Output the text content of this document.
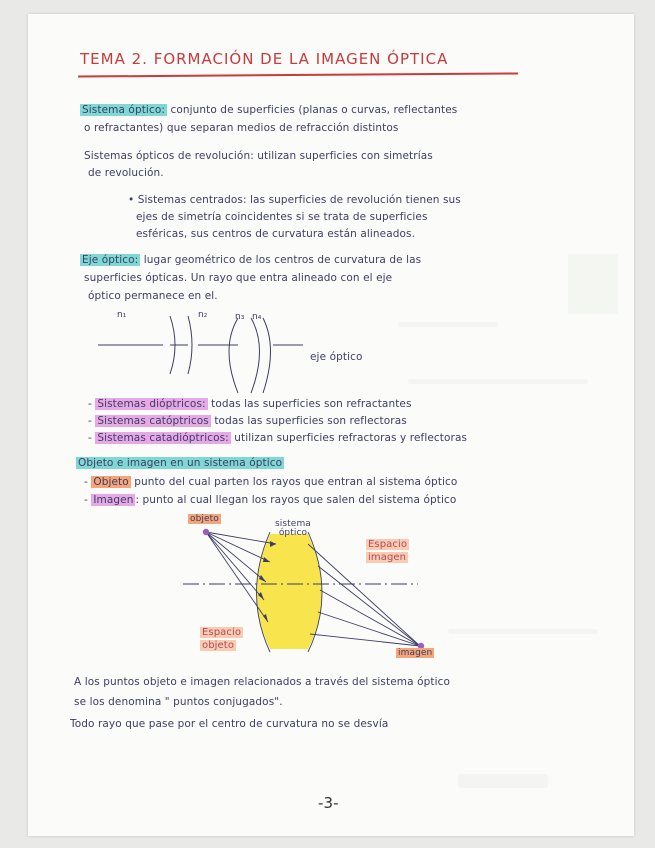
TEMA 2. FORMACIÓN DE LA IMAGEN ÓPTICA
Sistema óptico: conjunto de superficies (planas o curvas, reflectantes
o refractantes) que separan medios de refracción distintos
Sistemas ópticos de revolución: utilizan superficies con simetrías
de revolución.
• Sistemas centrados: las superficies de revolución tienen sus
ejes de simetría coincidentes si se trata de superficies
esféricas, sus centros de curvatura están alineados.
Eje óptico: lugar geométrico de los centros de curvatura de las
superficies ópticas. Un rayo que entra alineado con el eje
óptico permanece en el.
n₁	n₂	n₃ n₄
eje óptico
- Sistemas dióptricos: todas las superficies son refractantes
- Sistemas catóptricos todas las superficies son reflectoras
- Sistemas catadióptricos: utilizan superficies refractoras y reflectoras
Objeto e imagen en un sistema óptico
- Objeto punto del cual parten los rayos que entran al sistema óptico
- Imagen : punto al cual llegan los rayos que salen del sistema óptico
objeto	sistema
óptico
Espacio
imagen
Espacio
objeto
imagen
A los puntos objeto e imagen relacionados a través del sistema óptico
se los denomina " puntos conjugados".
Todo rayo que pase por el centro de curvatura no se desvía
-3-
